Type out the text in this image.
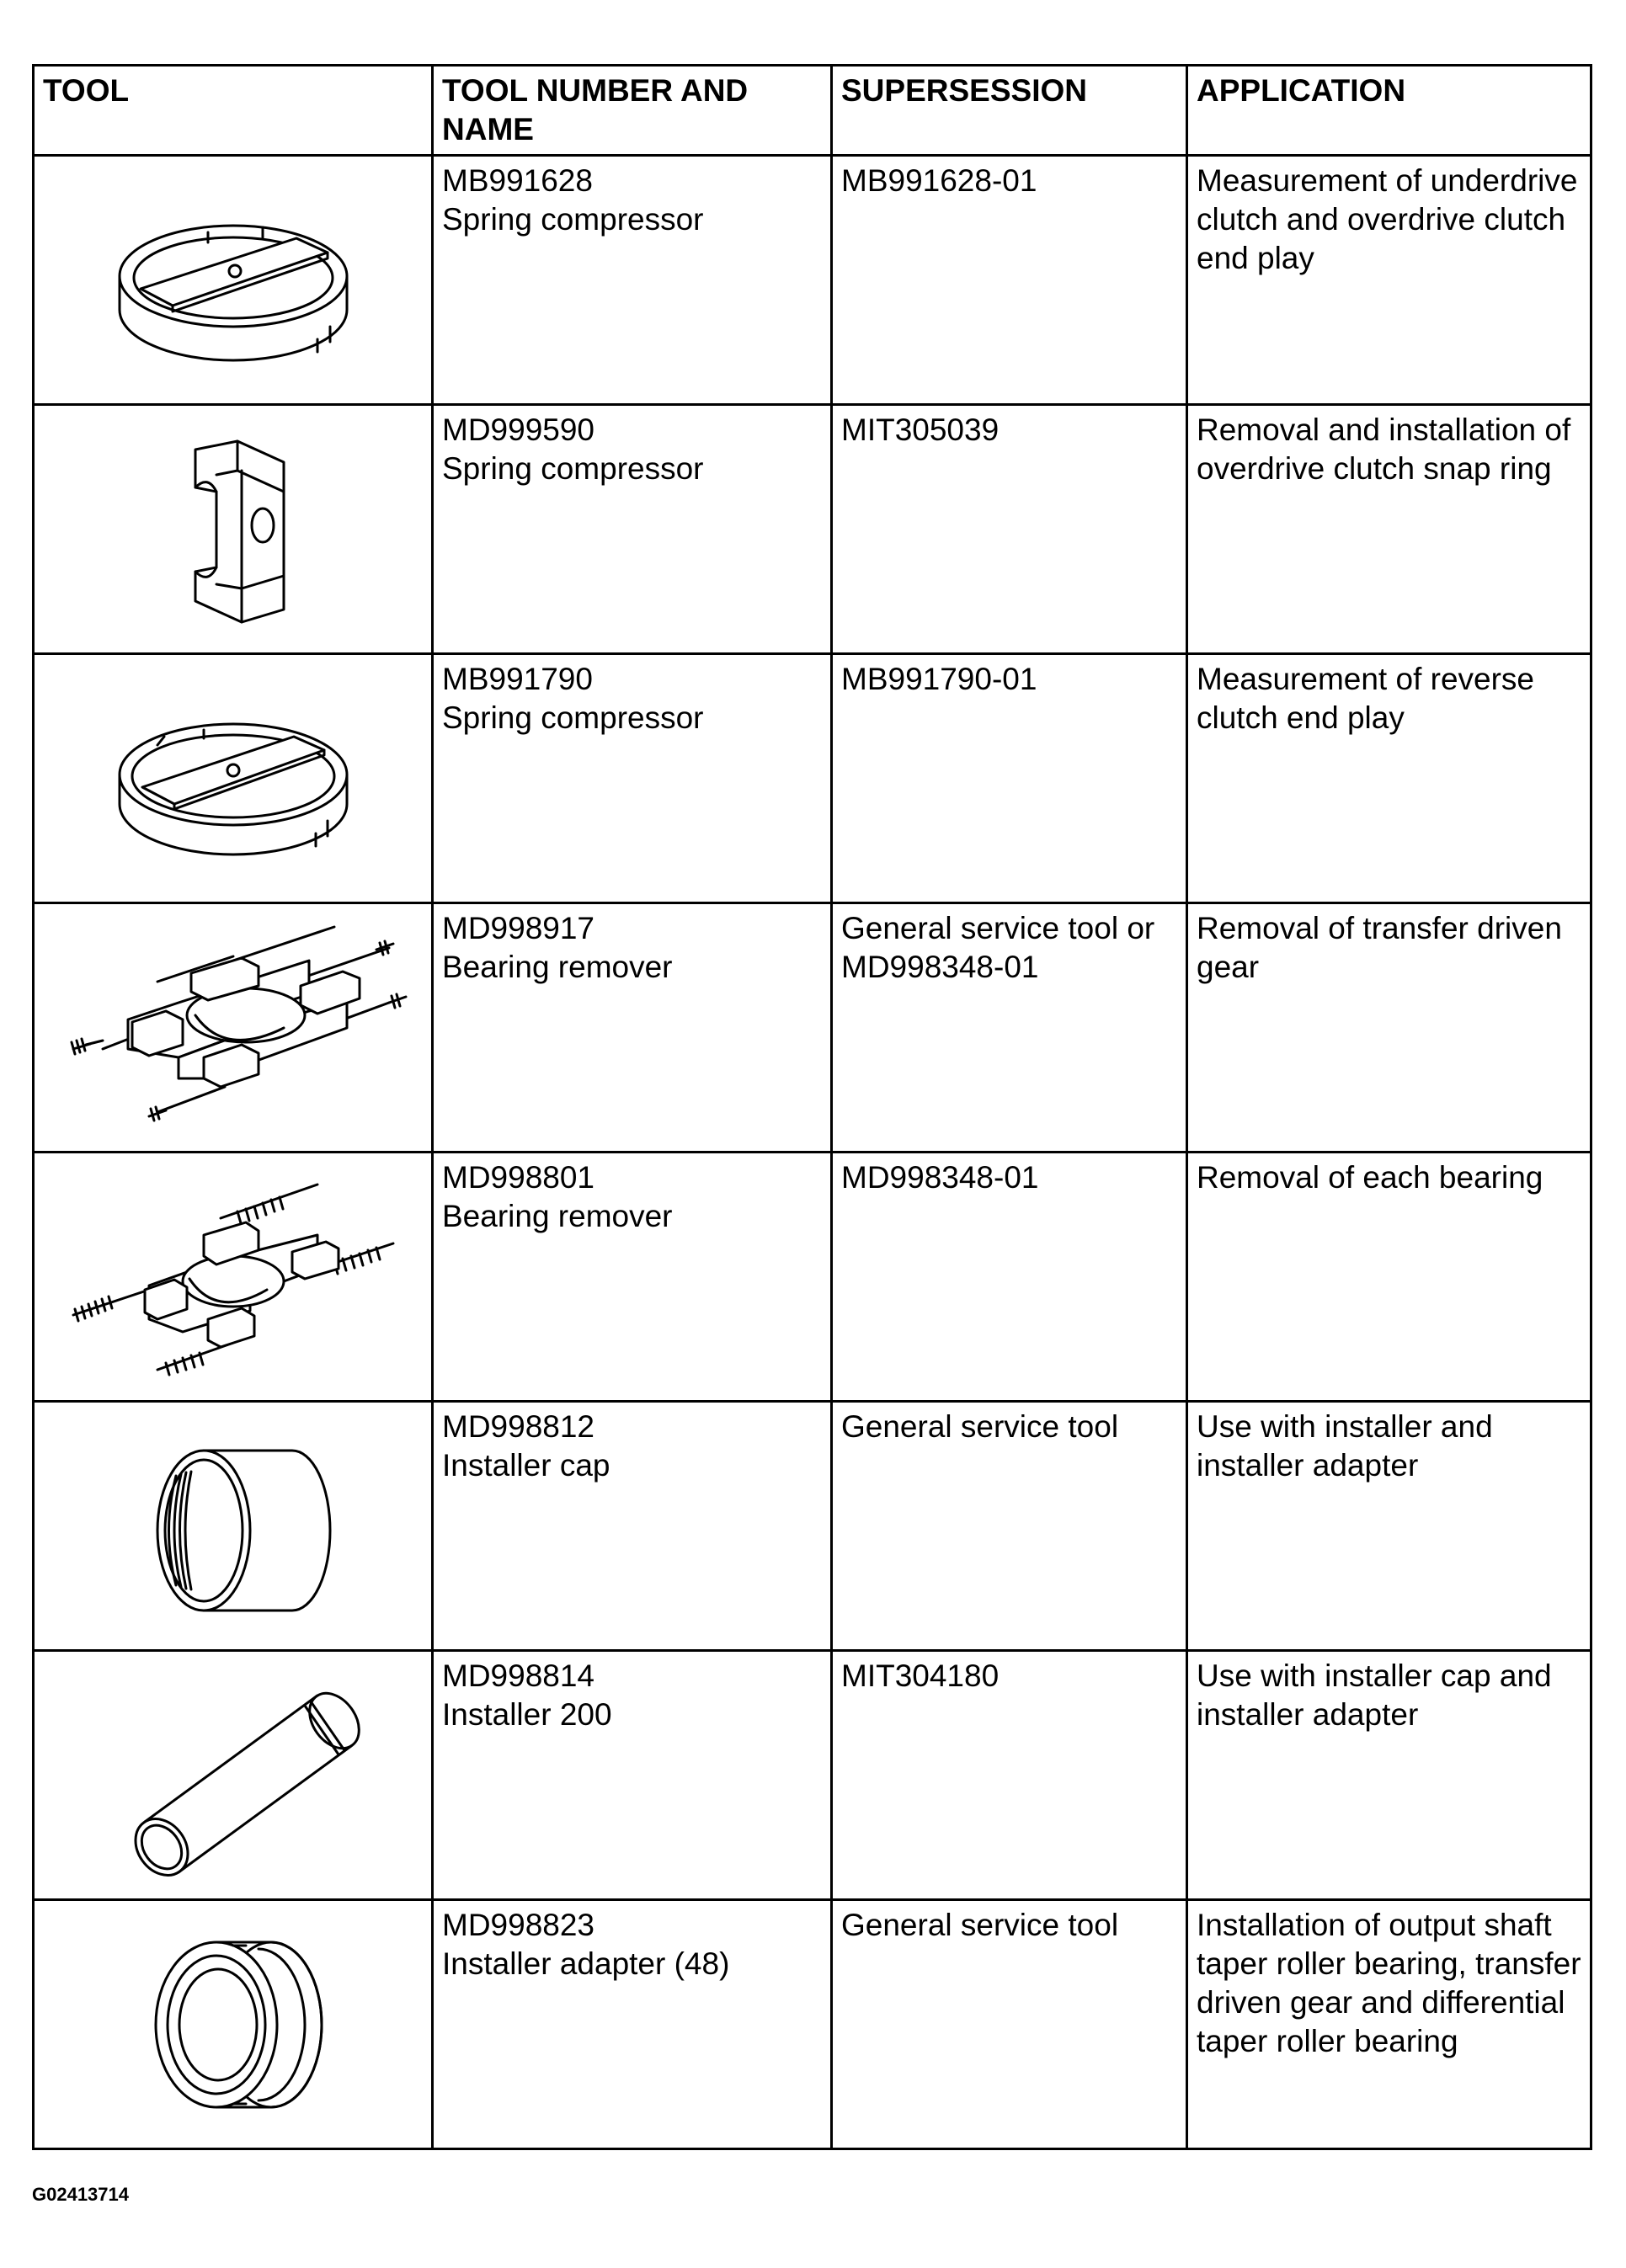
TOOL	TOOL NUMBER AND NAME	SUPERSESSION	APPLICATION

MB991628
Spring compressor	MB991628-01	Measurement of underdrive clutch and overdrive clutch end play

MD999590
Spring compressor	MIT305039	Removal and installation of overdrive clutch snap ring

MB991790
Spring compressor	MB991790-01	Measurement of reverse clutch end play

MD998917
Bearing remover	General service tool or MD998348-01	Removal of transfer driven gear

MD998801
Bearing remover	MD998348-01	Removal of each bearing

MD998812
Installer cap	General service tool	Use with installer and installer adapter

MD998814
Installer 200	MIT304180	Use with installer cap and installer adapter

MD998823
Installer adapter (48)	General service tool	Installation of output shaft taper roller bearing, transfer driven gear and differential taper roller bearing
G02413714
